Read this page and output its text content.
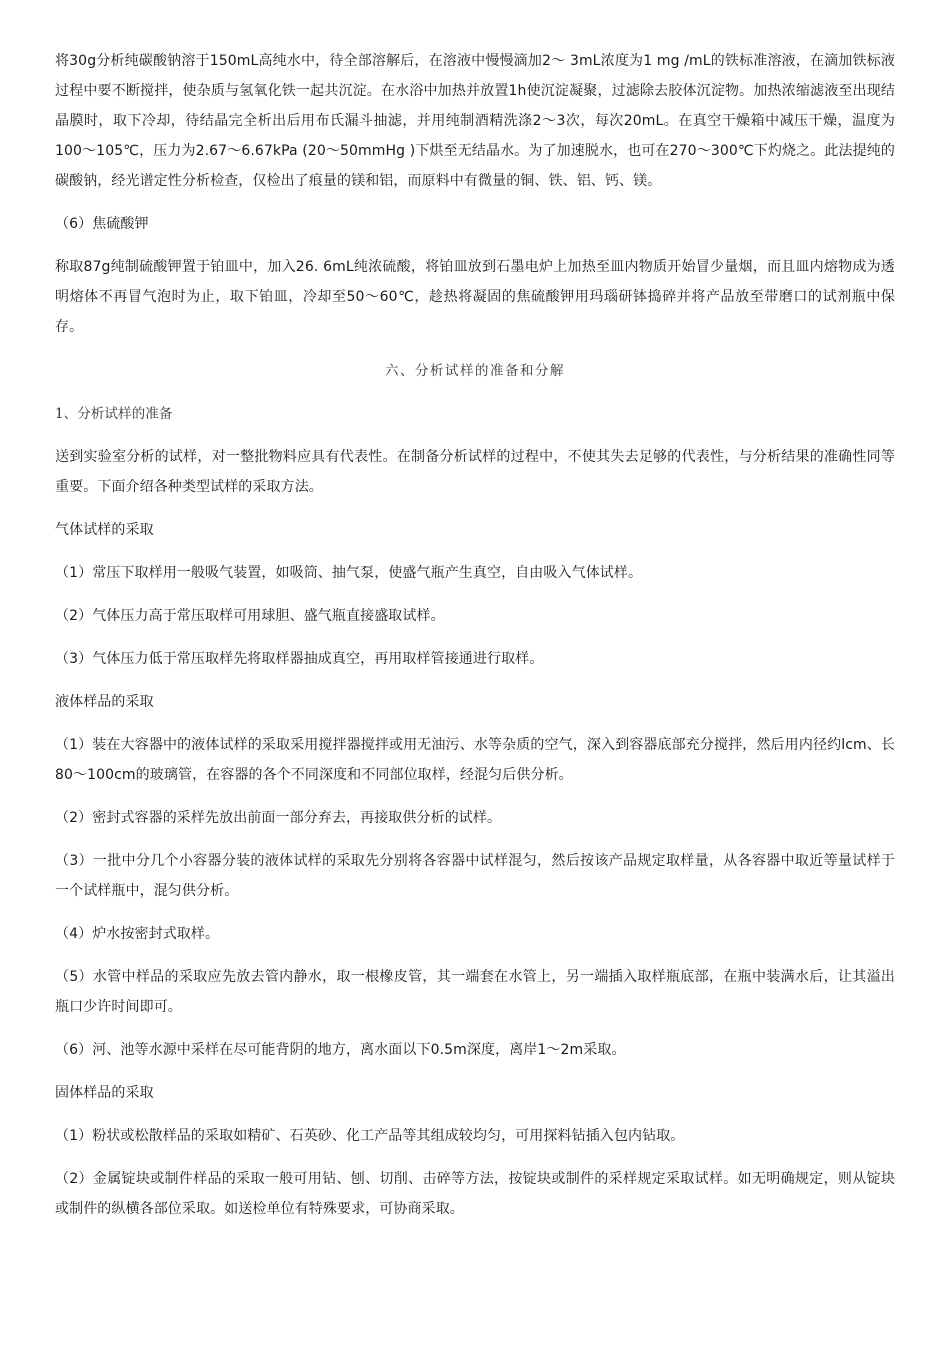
将30g分析纯碳酸钠溶于150mL高纯水中，待全部溶解后，在溶液中慢慢滴加2～ 3mL浓度为1 mg /mL的铁标准溶液，在滴加铁标液过程中要不断搅拌，使杂质与氢氧化铁一起共沉淀。在水浴中加热并放置1h使沉淀凝聚，过滤除去胶体沉淀物。加热浓缩滤液至出现结晶膜时，取下冷却，待结晶完全析出后用布氏漏斗抽滤，并用纯制酒精洗涤2～3次，每次20mL。在真空干燥箱中减压干燥，温度为100～105℃，压力为2.67～6.67kPa (20～50mmHg )下烘至无结晶水。为了加速脱水，也可在270～300℃下灼烧之。此法提纯的碳酸钠，经光谱定性分析检查，仅检出了痕量的镁和铝，而原料中有微量的铜、铁、铝、钙、镁。

（6）焦硫酸钾

称取87g纯制硫酸钾置于铂皿中，加入26. 6mL纯浓硫酸，将铂皿放到石墨电炉上加热至皿内物质开始冒少量烟，而且皿内熔物成为透明熔体不再冒气泡时为止，取下铂皿，冷却至50～60℃，趁热将凝固的焦硫酸钾用玛瑙研钵捣碎并将产品放至带磨口的试剂瓶中保存。

六、分析试样的准备和分解

1、分析试样的准备

送到实验室分析的试样，对一整批物料应具有代表性。在制备分析试样的过程中，不使其失去足够的代表性，与分析结果的准确性同等重要。下面介绍各种类型试样的采取方法。

气体试样的采取

（1）常压下取样用一般吸气装置，如吸筒、抽气泵，使盛气瓶产生真空，自由吸入气体试样。

（2）气体压力高于常压取样可用球胆、盛气瓶直接盛取试样。

（3）气体压力低于常压取样先将取样器抽成真空，再用取样管接通进行取样。

液体样品的采取

（1）装在大容器中的液体试样的采取采用搅拌器搅拌或用无油污、水等杂质的空气，深入到容器底部充分搅拌，然后用内径约lcm、长80～100cm的玻璃管，在容器的各个不同深度和不同部位取样，经混匀后供分析。

（2）密封式容器的采样先放出前面一部分弃去，再接取供分析的试样。

（3）一批中分几个小容器分装的液体试样的采取先分别将各容器中试样混匀，然后按该产品规定取样量，从各容器中取近等量试样于一个试样瓶中，混匀供分析。

（4）炉水按密封式取样。

（5）水管中样品的采取应先放去管内静水，取一根橡皮管，其一端套在水管上，另一端插入取样瓶底部，在瓶中装满水后，让其溢出瓶口少许时间即可。

（6）河、池等水源中采样在尽可能背阴的地方，离水面以下0.5m深度，离岸1～2m采取。

固体样品的采取

（1）粉状或松散样品的采取如精矿、石英砂、化工产品等其组成较均匀，可用探料钻插入包内钻取。

（2）金属锭块或制件样品的采取一般可用钻、刨、切削、击碎等方法，按锭块或制件的采样规定采取试样。如无明确规定，则从锭块或制件的纵横各部位采取。如送检单位有特殊要求，可协商采取。
